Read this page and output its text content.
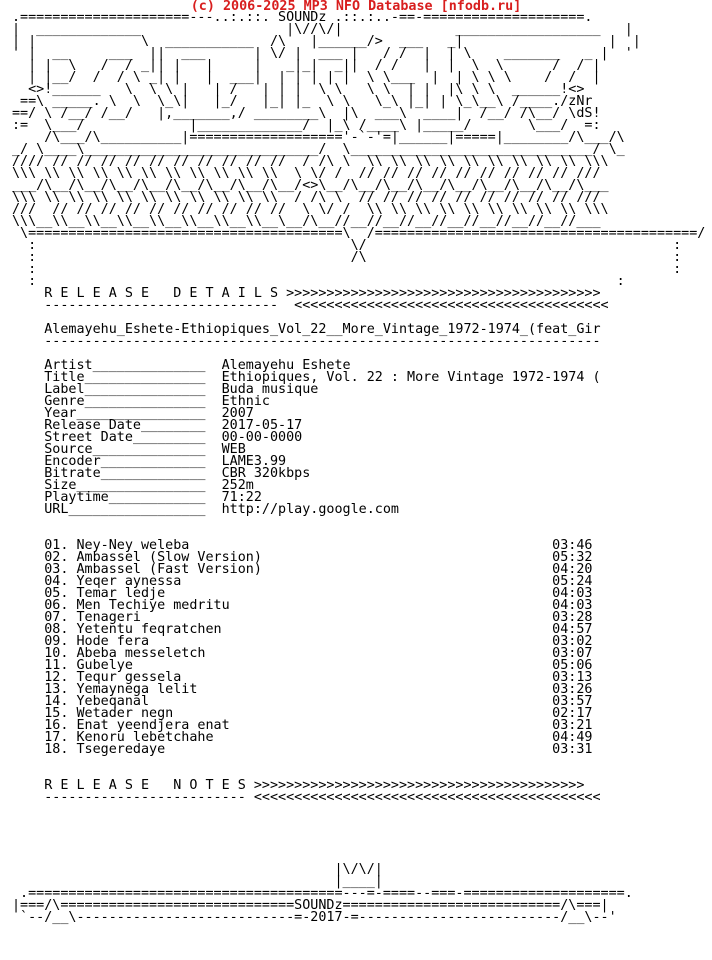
(c) 2006-2025 MP3 NFO Database [nfodb.ru]
.=====================---..:.::. SOUNDz .::.:..-==-====================.
|  _____________                  |\//\/|              __________________   |
| |             \  ___________  /\   |______/>  ___   _|                  |  |
' |  __     ___  ||  ___      | \/ |  ___ |   / /  |  | \    _______   _ |  '
| |  \   /  / _|| |   |     |   _|_|  _||  / /   |  |  \  \      /  / |
| |__/  /  / \ _| |   |  ___|  | | | | |  \ \___  |  | \ \ \    /  /  |
<>!______   \  \ \ |   | /   | | |  \ \   \ \  | |  |\ \ \  ______!<>
==\ _____. \  \  \_\|   |_/   |_| |_  \ \   \_\ |_| | \_\__\ /____./zNr
==/ \ /__/ /__/   |,_______,/ ________\  |\  ___\  ____|  /__/ /\__/ \dS!
:=  \___/             |_____________/  |_\ /____\ |_____/       \___/  =:
/\___/\__________|==================='-`-'=|______|=====|________/\___/\
_/ \____\_____________________________/  \______________________________/ \_
//// // // // // // // // // // //  / /\ \  \\ \\ \\ \\ \\ \\ \\ \\ \\ \\\
\\\ \\ \\ \\ \\ \\ \\ \\ \\ \\ \\  \ \/ /  // // // // // // // // // ///
___/\__/\__/\__/\__/\__/\__/\__/\__/<>\__/\__/\__/\__/\__/\__/\__/\__/\___
\\\ \\ \\ \\ \\ \\ \\ \\ \\ \\ \\  / /\ \  // // // // // // // // // ///
///  // // // // // // // // // //  \ \/ /  \\ \\ \\ \\ \\ \\ \\ \\ \\ \\\
\\\__\\__\\__\\__\\__\\__\\__\\__\__/\__//__//__//__//__//__//__//__//___
\=======================================\  /========================================/
:                                       \/                                      :
:                                       /\                                      :
:                                                                               :
:                                                                        :
R E L E A S E   D E T A I L S >>>>>>>>>>>>>>>>>>>>>>>>>>>>>>>>>>>>>>>
-----------------------------  <<<<<<<<<<<<<<<<<<<<<<<<<<<<<<<<<<<<<<<
Alemayehu_Eshete-Ethiopiques_Vol_22__More_Vintage_1972-1974_(feat_Gir
---------------------------------------------------------------------
Artist______________  Alemayehu Eshete
Title_______________  Ethiopiques, Vol. 22 : More Vintage 1972-1974 (
Label_______________  Buda musique
Genre_______________  Ethnic
Year________________  2007
Release Date________  2017-05-17
Street Date_________  00-00-0000
Source______________  WEB
Encoder_____________  LAME3.99
Bitrate_____________  CBR 320kbps
Size________________  252m
Playtime____________  71:22
URL_________________  http://play.google.com
01. Ney-Ney weleba	03:46
02. Ambassel (Slow Version)	05:32
03. Ambassel (Fast Version)	04:20
04. Yeqer aynessa	05:24
05. Temar ledje	04:03
06. Men Techiye medritu	04:03
07. Tenageri	03:28
08. Yetentu feqratchen	04:57
09. Hode fera	03:02
10. Abeba messeletch	03:07
11. Gubelye	05:06
12. Tequr gessela	03:13
13. Yemaynega lelit	03:26
14. Yebeqanal	03:57
15. Wetader negn	02:17
16. Enat yeendjera enat	03:21
17. Kenoru lebetchahe	04:49
18. Tsegeredaye	03:31
R E L E A S E   N O T E S >>>>>>>>>>>>>>>>>>>>>>>>>>>>>>>>>>>>>>>>>
------------------------- <<<<<<<<<<<<<<<<<<<<<<<<<<<<<<<<<<<<<<<<<<<
|\/\/|
|____|
.=======================================---=-====--===-====================.
|===/\=============================SOUNDz===========================/\===|
`--/__\---------------------------=-2017-=-------------------------/__\--'
